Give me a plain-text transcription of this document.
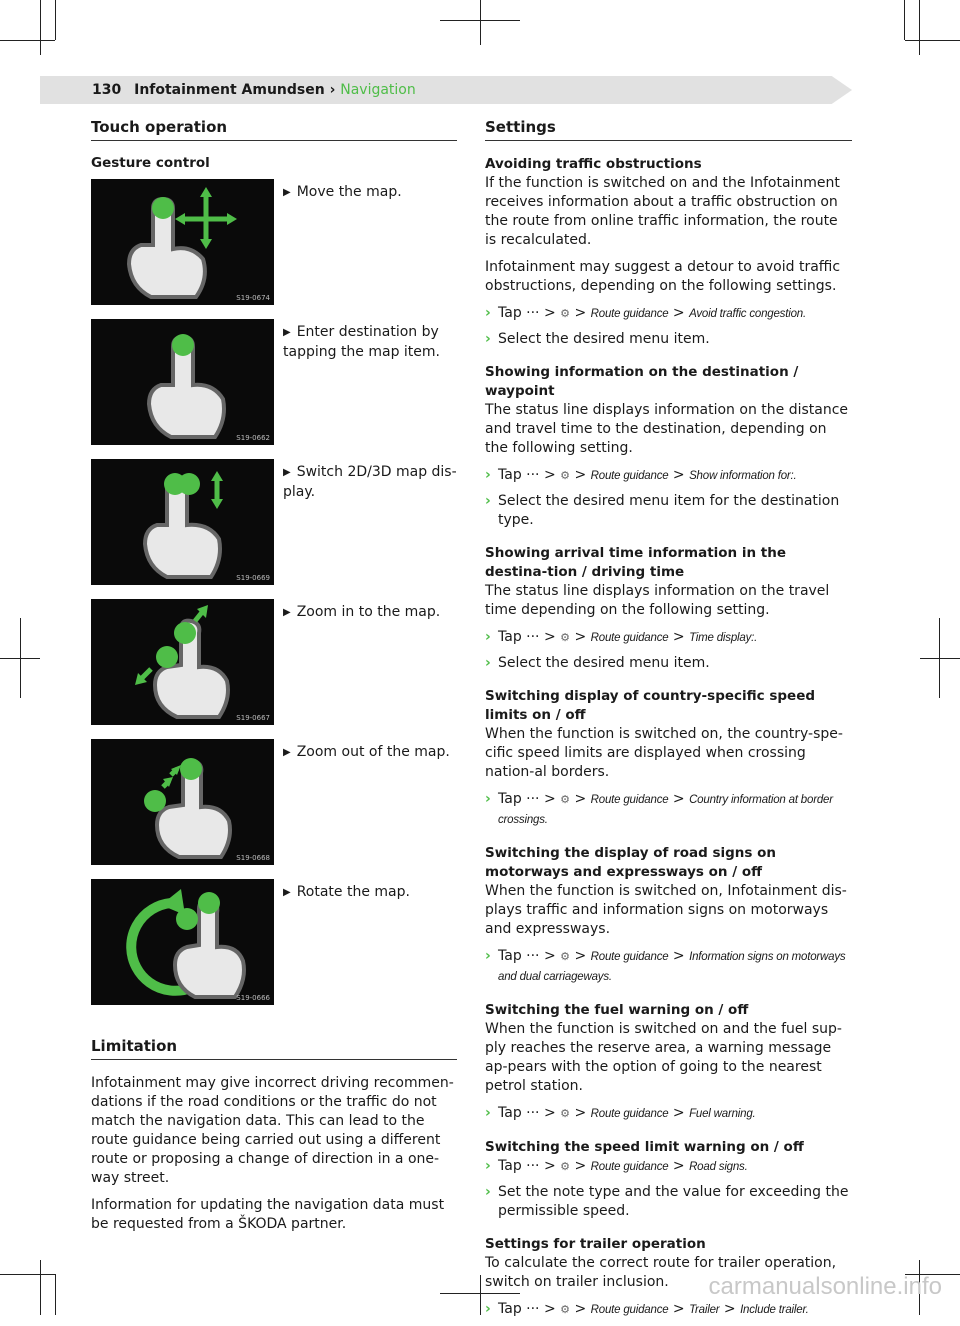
130 Infotainment Amundsen › Navigation
Touch operation
Gesture control
S19-0674
▶ Move the map.
S19-0662
▶ Enter destination by tapping the map item.
S19-0669
▶ Switch 2D/3D map dis-play.
S19-0667
▶ Zoom in to the map.
S19-0668
▶ Zoom out of the map.
S19-0666
▶ Rotate the map.
Limitation

Infotainment may give incorrect driving recommen-dations if the road conditions or the traffic do not match the navigation data. This can lead to the route guidance being carried out using a different route or proposing a change of direction in a one-way street.

Information for updating the navigation data must be requested from a ŠKODA partner.

Settings
Avoiding traffic obstructions
If the function is switched on and the Infotainment receives information about a traffic obstruction on the route from online traffic information, the route is recalculated.
Infotainment may suggest a detour to avoid traffic obstructions, depending on the following settings.
› Tap ··· > ⚙ > Route guidance > Avoid traffic congestion.
› Select the desired menu item.
Showing information on the destination / waypoint
The status line displays information on the distance and travel time to the destination, depending on the following setting.
› Tap ··· > ⚙ > Route guidance > Show information for:.
› Select the desired menu item for the destination type.
Showing arrival time information in the destina-tion / driving time
The status line displays information on the travel time depending on the following setting.
› Tap ··· > ⚙ > Route guidance > Time display:.
› Select the desired menu item.
Switching display of country-specific speed limits on / off
When the function is switched on, the country-spe-cific speed limits are displayed when crossing nation-al borders.
› Tap ··· > ⚙ > Route guidance > Country information at border crossings.
Switching the display of road signs on motorways and expressways on / off
When the function is switched on, Infotainment dis-plays traffic and information signs on motorways and expressways.
› Tap ··· > ⚙ > Route guidance > Information signs on motorways and dual carriageways.
Switching the fuel warning on / off
When the function is switched on and the fuel sup-ply reaches the reserve area, a warning message ap-pears with the option of going to the nearest petrol station.
› Tap ··· > ⚙ > Route guidance > Fuel warning.
Switching the speed limit warning on / off
› Tap ··· > ⚙ > Route guidance > Road signs.
› Set the note type and the value for exceeding the permissible speed.
Settings for trailer operation
To calculate the correct route for trailer operation, switch on trailer inclusion.
› Tap ··· > ⚙ > Route guidance > Trailer > Include trailer.
carmanualsonline.info
